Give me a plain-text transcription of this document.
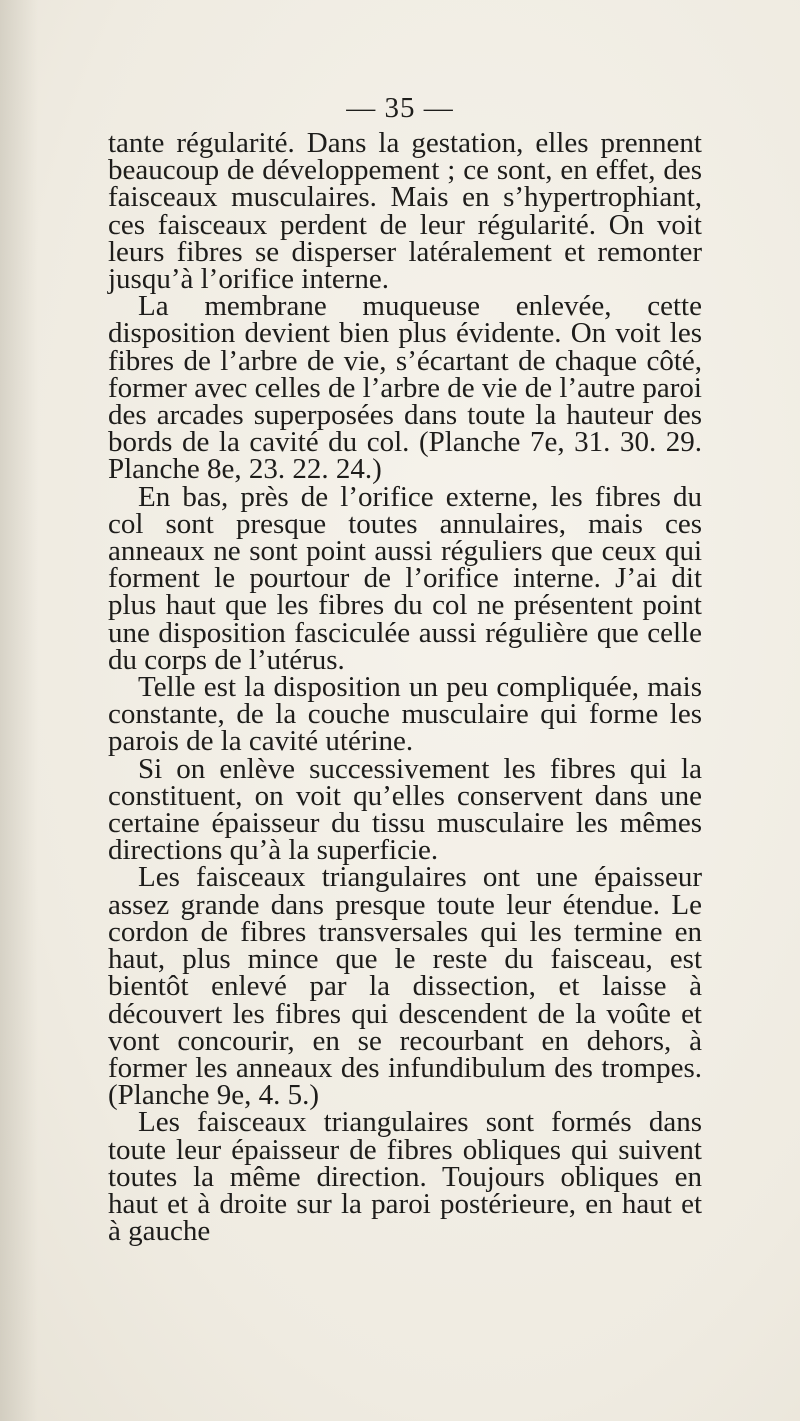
— 35 —

tante régularité. Dans la gestation, elles prennent beaucoup de développement ; ce sont, en effet, des faisceaux musculaires. Mais en s’hypertrophiant, ces faisceaux perdent de leur régularité. On voit leurs fibres se disperser latéralement et remonter jusqu’à l’orifice interne.

La membrane muqueuse enlevée, cette disposition devient bien plus évidente. On voit les fibres de l’arbre de vie, s’écartant de chaque côté, former avec celles de l’arbre de vie de l’autre paroi des arcades superposées dans toute la hauteur des bords de la cavité du col. (Planche 7e, 31. 30. 29. Planche 8e, 23. 22. 24.)

En bas, près de l’orifice externe, les fibres du col sont presque toutes annulaires, mais ces anneaux ne sont point aussi réguliers que ceux qui forment le pourtour de l’orifice interne. J’ai dit plus haut que les fibres du col ne présentent point une disposition fasciculée aussi régulière que celle du corps de l’utérus.

Telle est la disposition un peu compliquée, mais constante, de la couche musculaire qui forme les parois de la cavité utérine.

Si on enlève successivement les fibres qui la constituent, on voit qu’elles conservent dans une certaine épaisseur du tissu musculaire les mêmes directions qu’à la superficie.

Les faisceaux triangulaires ont une épaisseur assez grande dans presque toute leur étendue. Le cordon de fibres transversales qui les termine en haut, plus mince que le reste du faisceau, est bientôt enlevé par la dissection, et laisse à découvert les fibres qui descendent de la voûte et vont concourir, en se recourbant en dehors, à former les anneaux des infundibulum des trompes. (Planche 9e, 4. 5.)

Les faisceaux triangulaires sont formés dans toute leur épaisseur de fibres obliques qui suivent toutes la même direction. Toujours obliques en haut et à droite sur la paroi postérieure, en haut et à gauche
